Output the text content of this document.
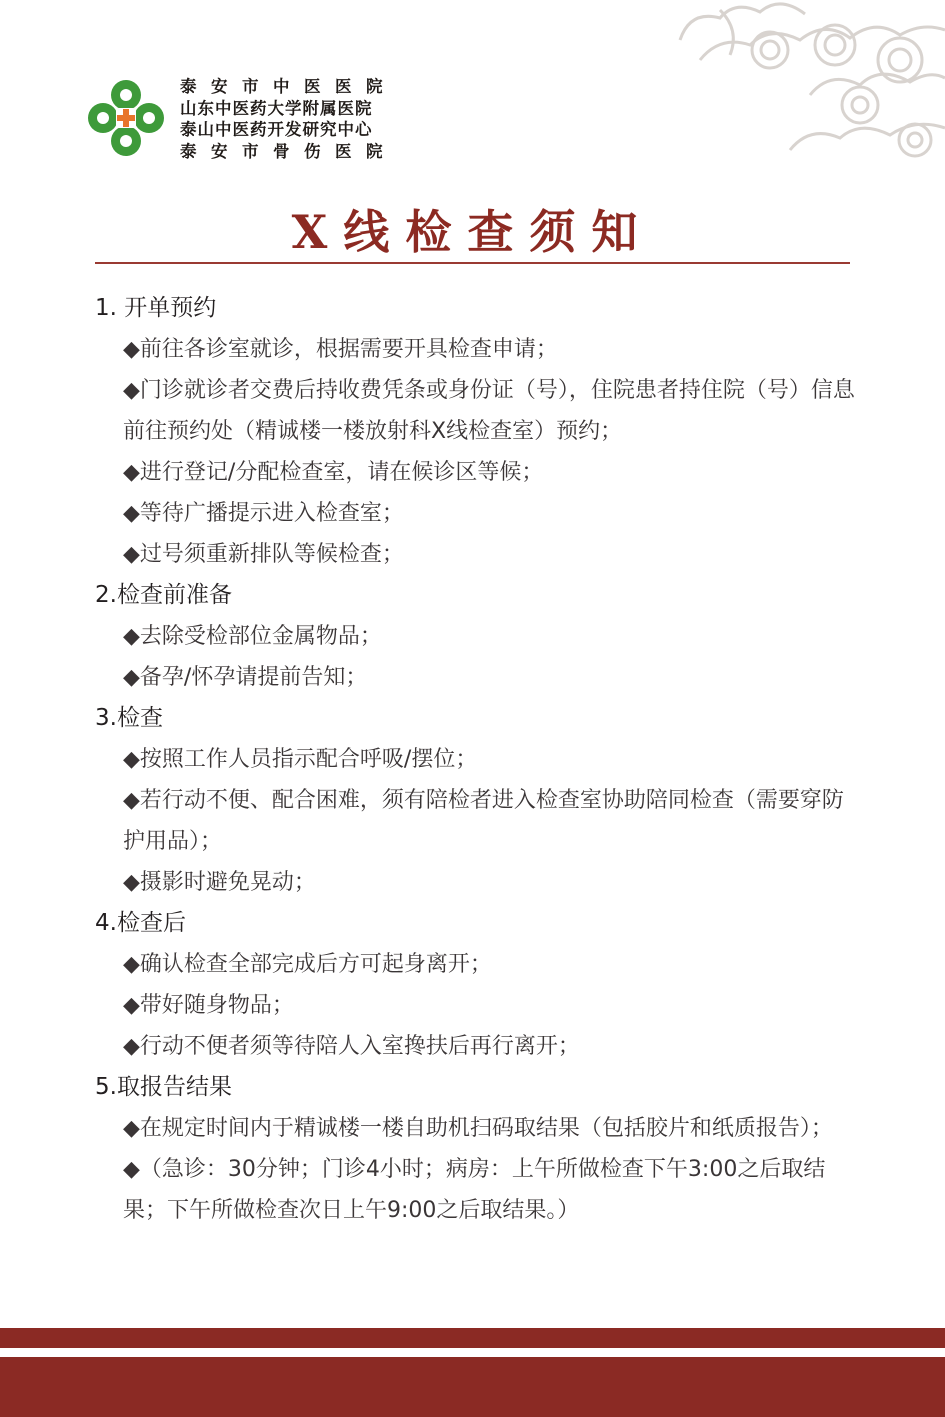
泰安市中医医院
山东中医药大学附属医院
泰山中医药开发研究中心
泰安市骨伤医院
X线检查须知
1. 开单预约
◆前往各诊室就诊，根据需要开具检查申请；
◆门诊就诊者交费后持收费凭条或身份证（号），住院患者持住院（号）信息前往预约处（精诚楼一楼放射科X线检查室）预约；
◆进行登记/分配检查室，请在候诊区等候；
◆等待广播提示进入检查室；
◆过号须重新排队等候检查；
2.检查前准备
◆去除受检部位金属物品；
◆备孕/怀孕请提前告知；
3.检查
◆按照工作人员指示配合呼吸/摆位；
◆若行动不便、配合困难，须有陪检者进入检查室协助陪同检查（需要穿防护用品）；
◆摄影时避免晃动；
4.检查后
◆确认检查全部完成后方可起身离开；
◆带好随身物品；
◆行动不便者须等待陪人入室搀扶后再行离开；
5.取报告结果
◆在规定时间内于精诚楼一楼自助机扫码取结果（包括胶片和纸质报告）；
◆（急诊：30分钟；门诊4小时；病房：上午所做检查下午3:00之后取结果；下午所做检查次日上午9:00之后取结果。）
